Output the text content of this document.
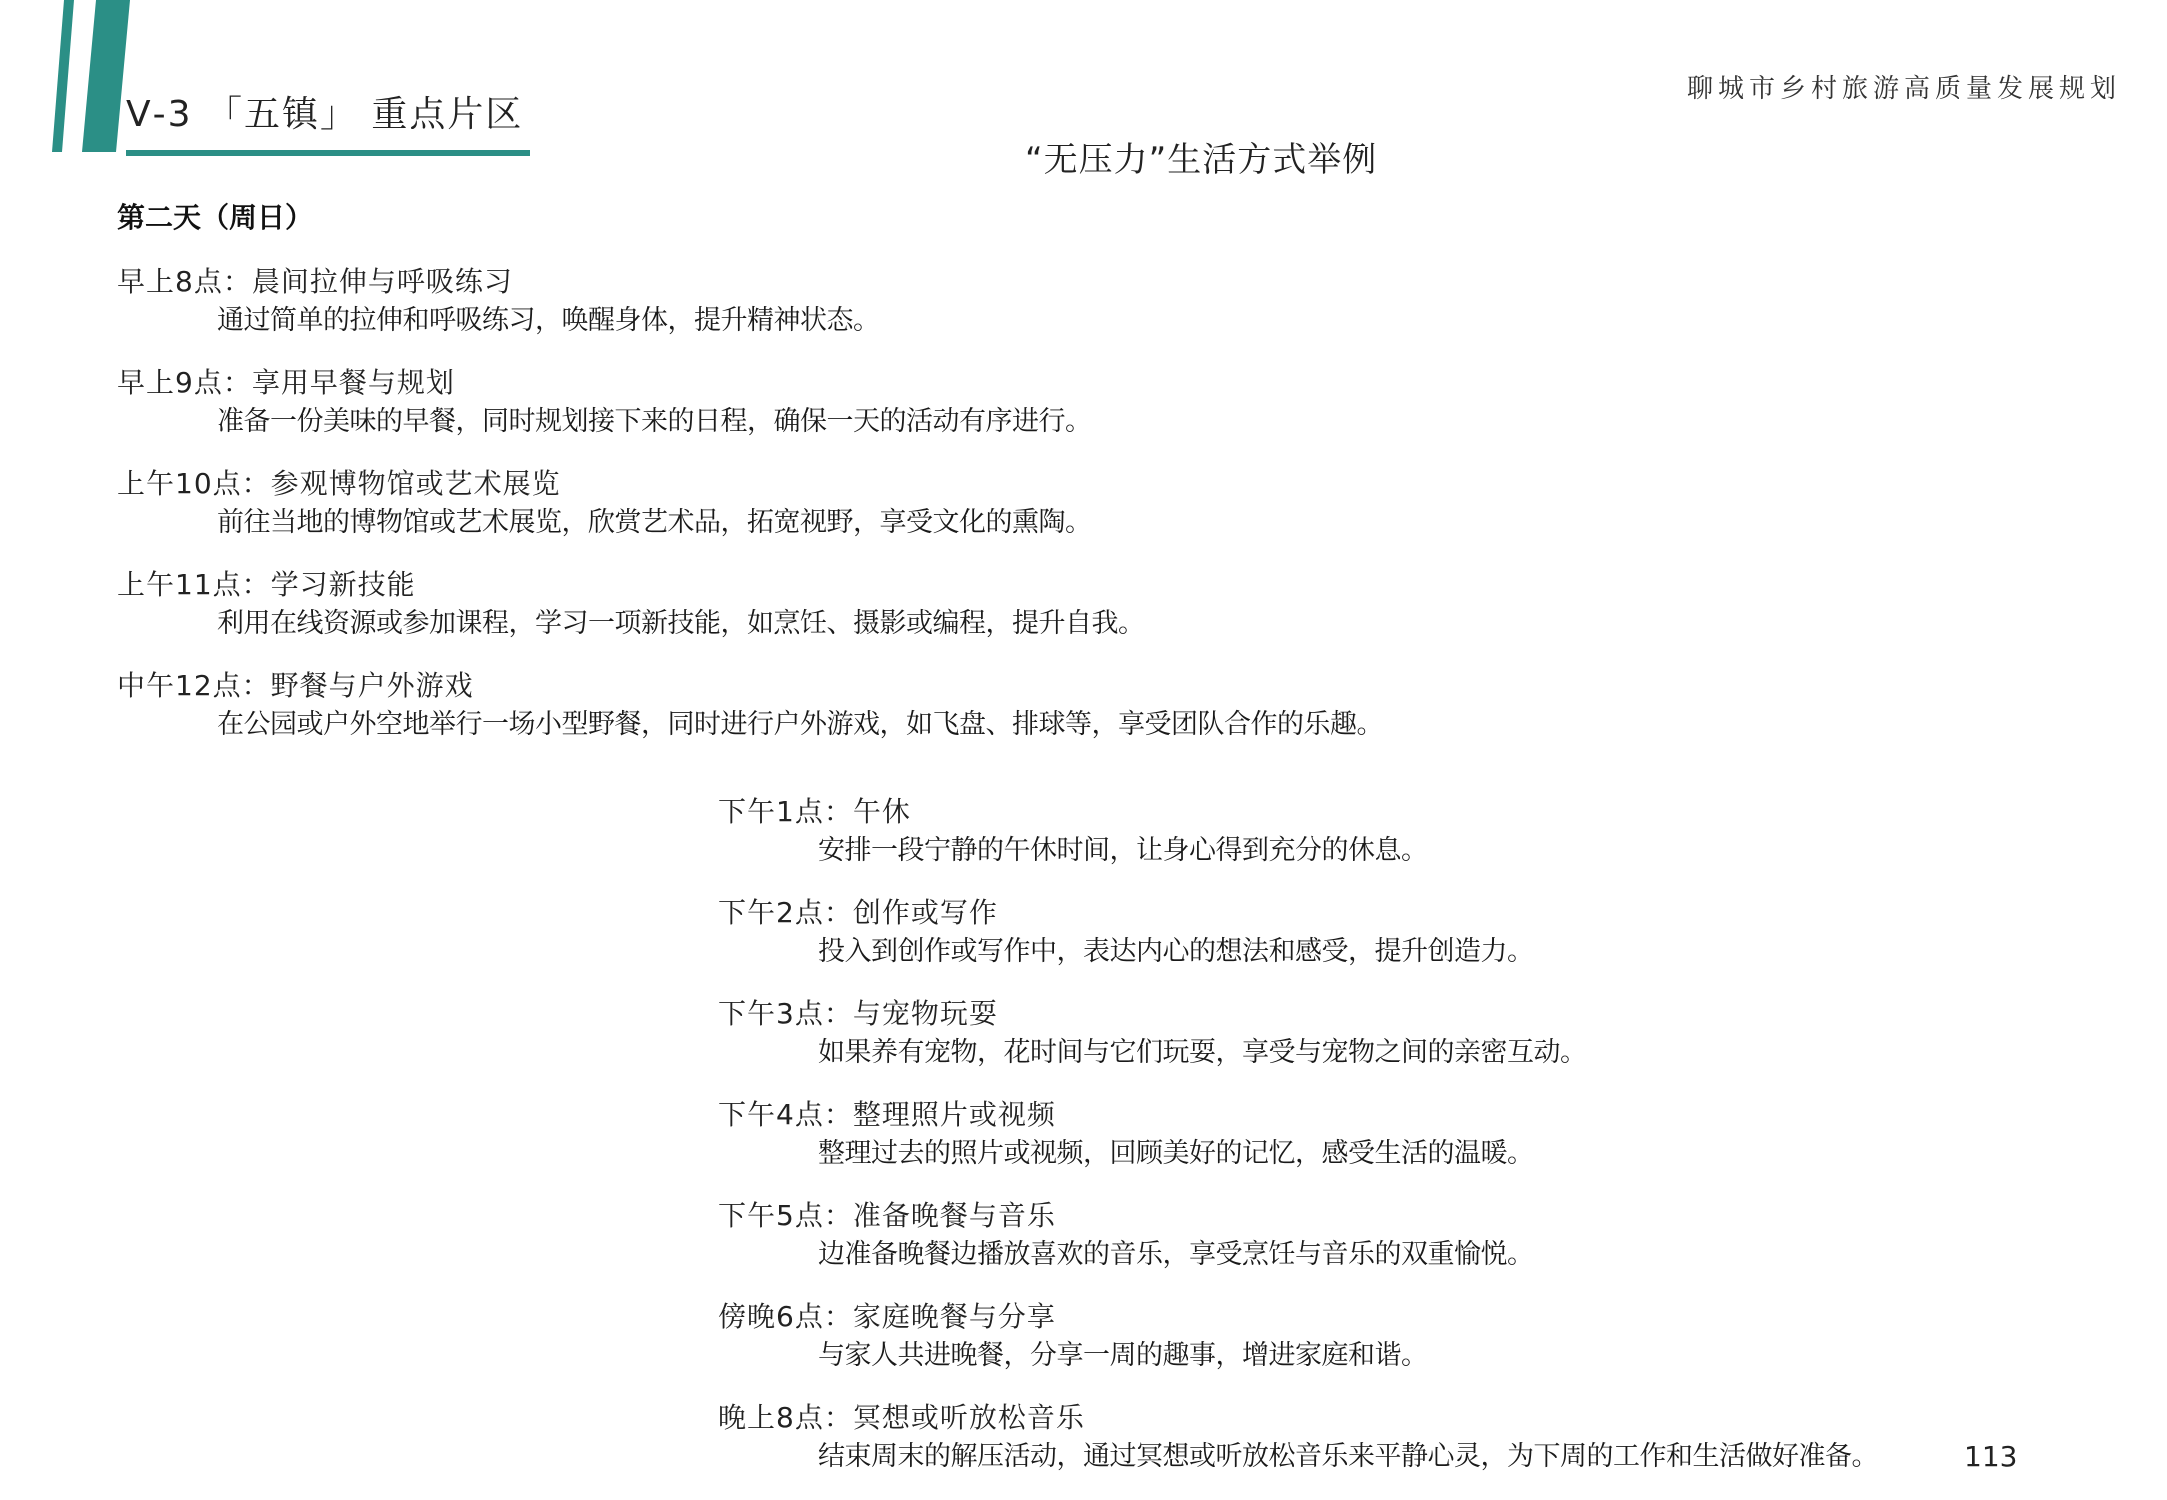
Ⅴ-3 「五镇」 重点片区
聊城市乡村旅游高质量发展规划
“无压力”生活方式举例
第二天（周日）
早上8点：晨间拉伸与呼吸练习
通过简单的拉伸和呼吸练习，唤醒身体，提升精神状态。
早上9点：享用早餐与规划
准备一份美味的早餐，同时规划接下来的日程，确保一天的活动有序进行。
上午10点：参观博物馆或艺术展览
前往当地的博物馆或艺术展览，欣赏艺术品，拓宽视野，享受文化的熏陶。
上午11点：学习新技能
利用在线资源或参加课程，学习一项新技能，如烹饪、摄影或编程，提升自我。
中午12点：野餐与户外游戏
在公园或户外空地举行一场小型野餐，同时进行户外游戏，如飞盘、排球等，享受团队合作的乐趣。
下午1点：午休
安排一段宁静的午休时间，让身心得到充分的休息。
下午2点：创作或写作
投入到创作或写作中，表达内心的想法和感受，提升创造力。
下午3点：与宠物玩耍
如果养有宠物，花时间与它们玩耍，享受与宠物之间的亲密互动。
下午4点：整理照片或视频
整理过去的照片或视频，回顾美好的记忆，感受生活的温暖。
下午5点：准备晚餐与音乐
边准备晚餐边播放喜欢的音乐，享受烹饪与音乐的双重愉悦。
傍晚6点：家庭晚餐与分享
与家人共进晚餐，分享一周的趣事，增进家庭和谐。
晚上8点：冥想或听放松音乐
结束周末的解压活动，通过冥想或听放松音乐来平静心灵，为下周的工作和生活做好准备。	113
